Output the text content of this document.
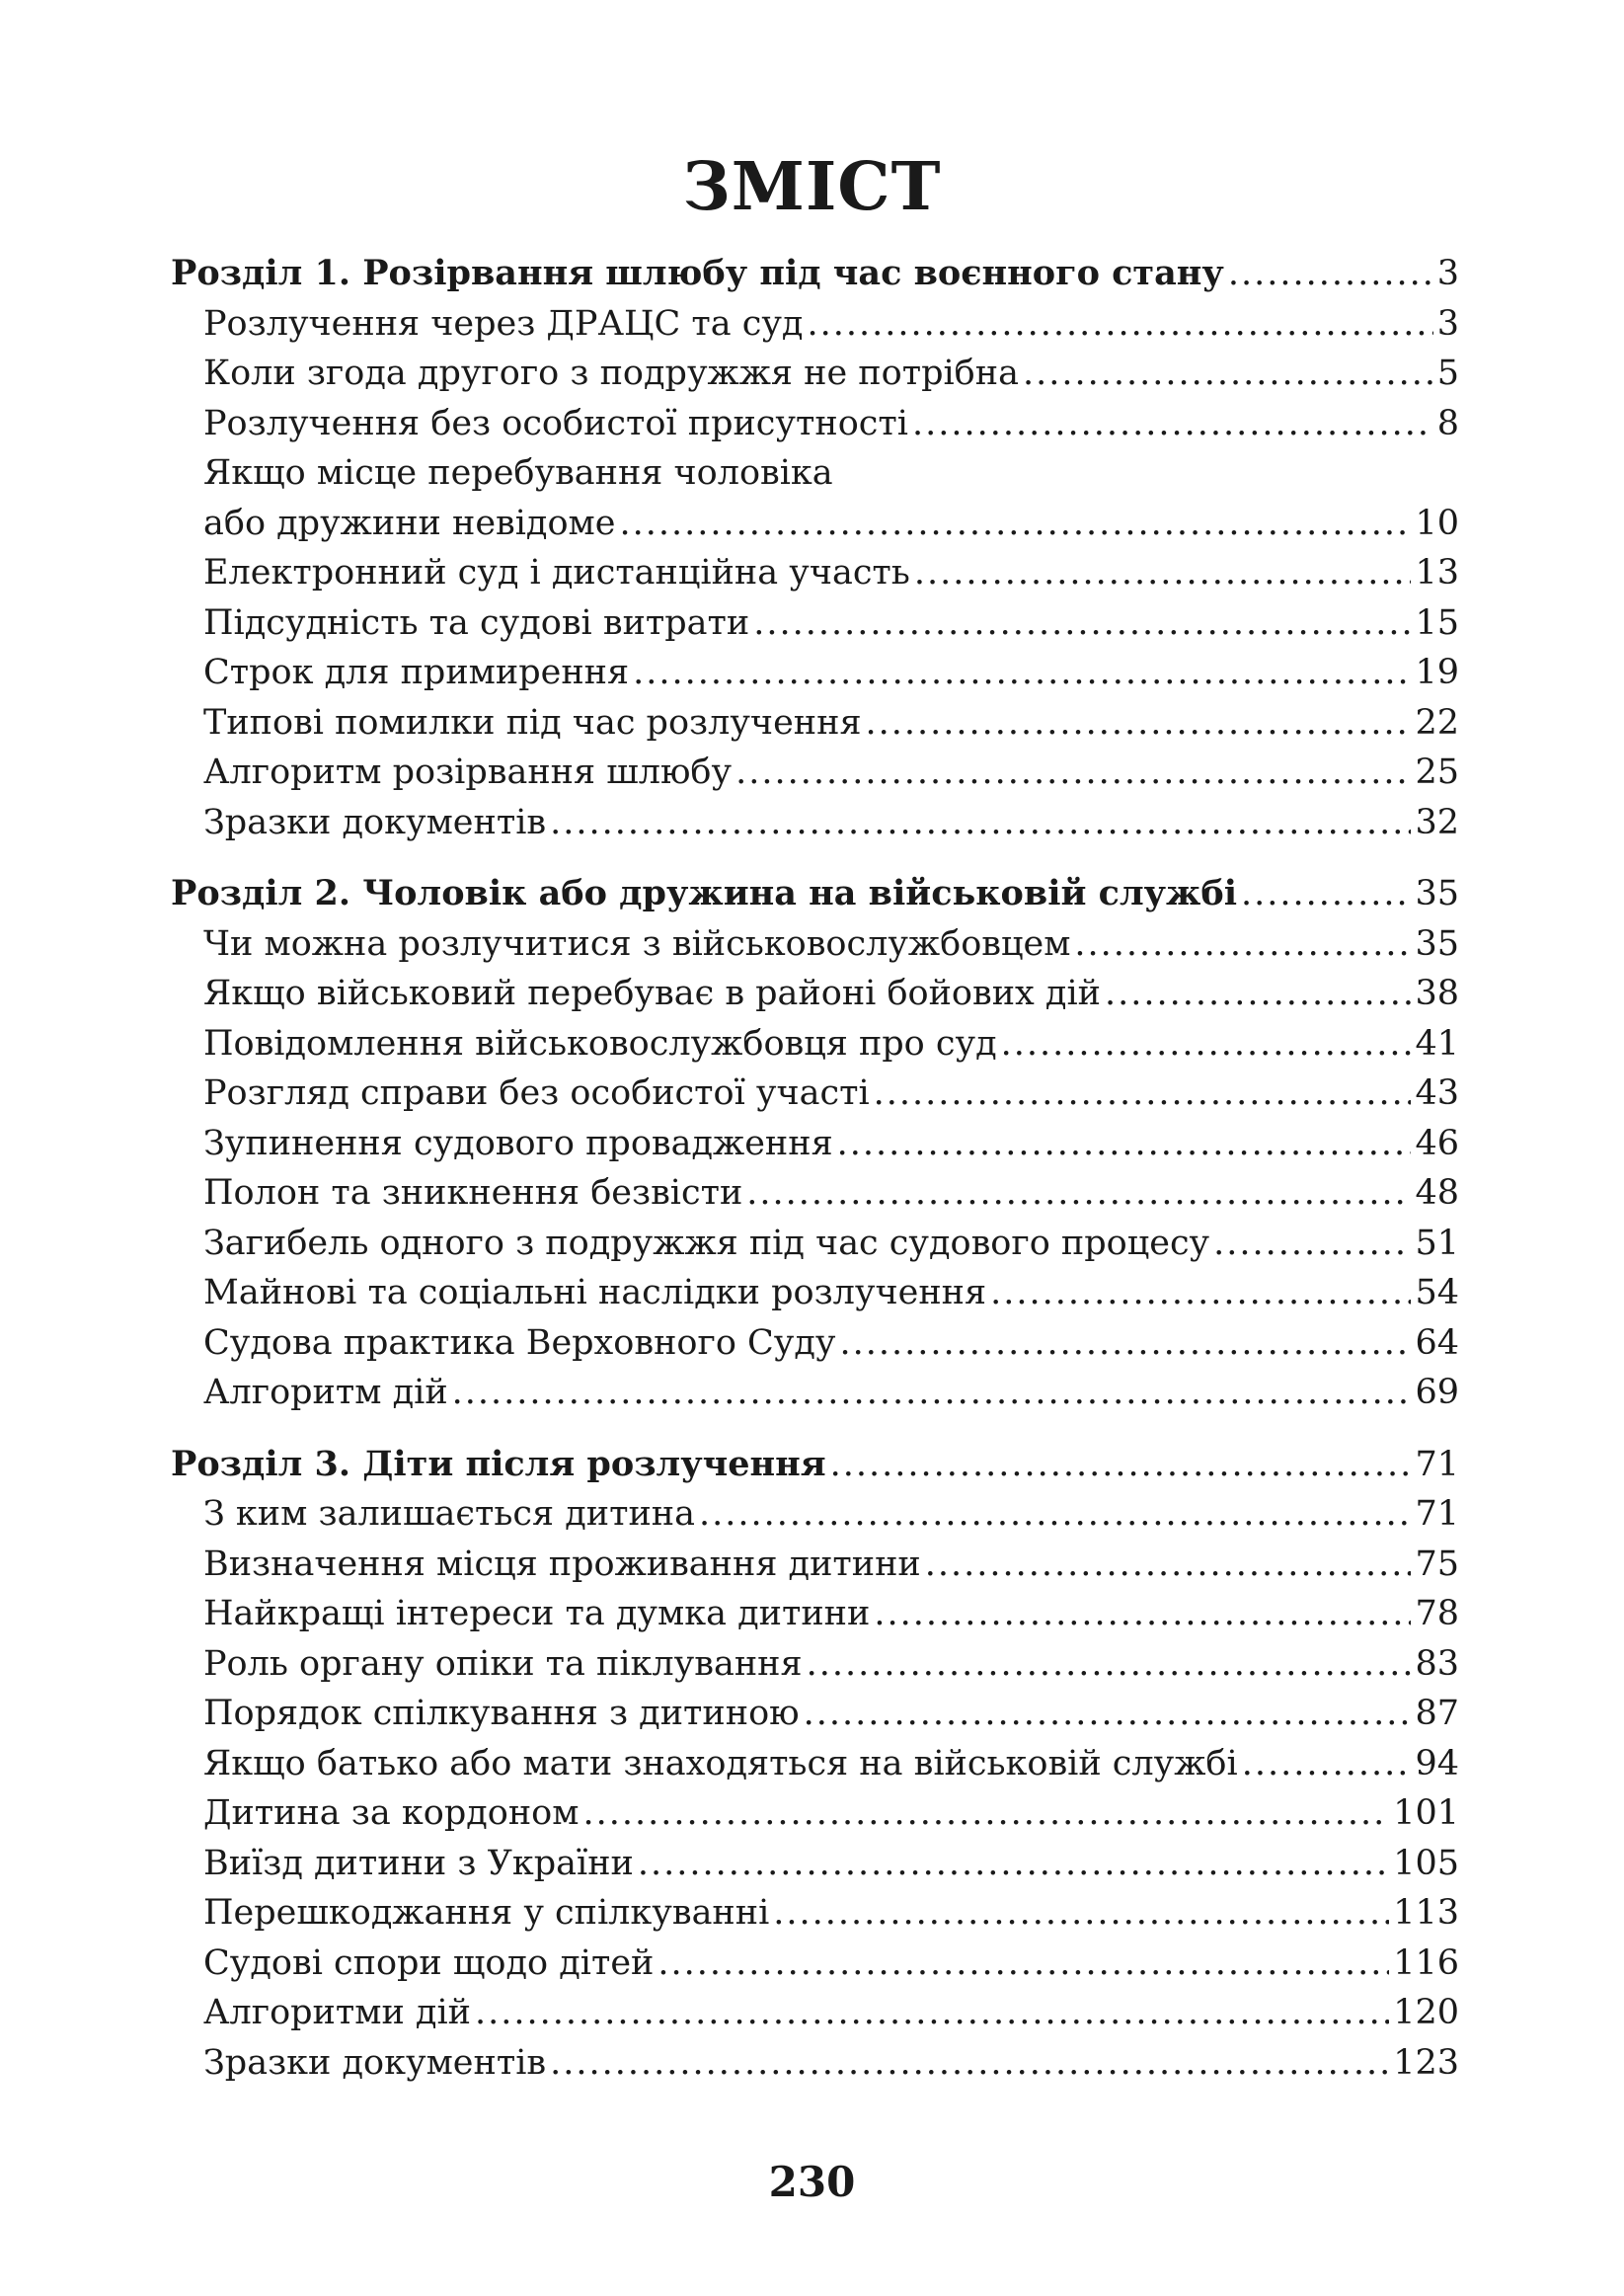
ЗМІСТ
Розділ 1. Розірвання шлюбу під час воєнного стану .....	3
Розлучення через ДРАЦС та суд .....	3
Коли згода другого з подружжя не потрібна .....	5
Розлучення без особистої присутності .....	8
Якщо місце перебування чоловіка
або дружини невідоме .....	10
Електронний суд і дистанційна участь .....	13
Підсудність та судові витрати .....	15
Строк для примирення .....	19
Типові помилки під час розлучення .....	22
Алгоритм розірвання шлюбу .....	25
Зразки документів .....	32
Розділ 2. Чоловік або дружина на військовій службі .....	35
Чи можна розлучитися з військовослужбовцем .....	35
Якщо військовий перебуває в районі бойових дій .....	38
Повідомлення військовослужбовця про суд .....	41
Розгляд справи без особистої участі .....	43
Зупинення судового провадження .....	46
Полон та зникнення безвісти .....	48
Загибель одного з подружжя під час судового процесу .....	51
Майнові та соціальні наслідки розлучення .....	54
Судова практика Верховного Суду .....	64
Алгоритм дій .....	69
Розділ 3. Діти після розлучення .....	71
З ким залишається дитина .....	71
Визначення місця проживання дитини .....	75
Найкращі інтереси та думка дитини .....	78
Роль органу опіки та піклування .....	83
Порядок спілкування з дитиною .....	87
Якщо батько або мати знаходяться на військовій службі .....	94
Дитина за кордоном .....	101
Виїзд дитини з України .....	105
Перешкоджання у спілкуванні .....	113
Судові спори щодо дітей .....	116
Алгоритми дій .....	120
Зразки документів .....	123
230
